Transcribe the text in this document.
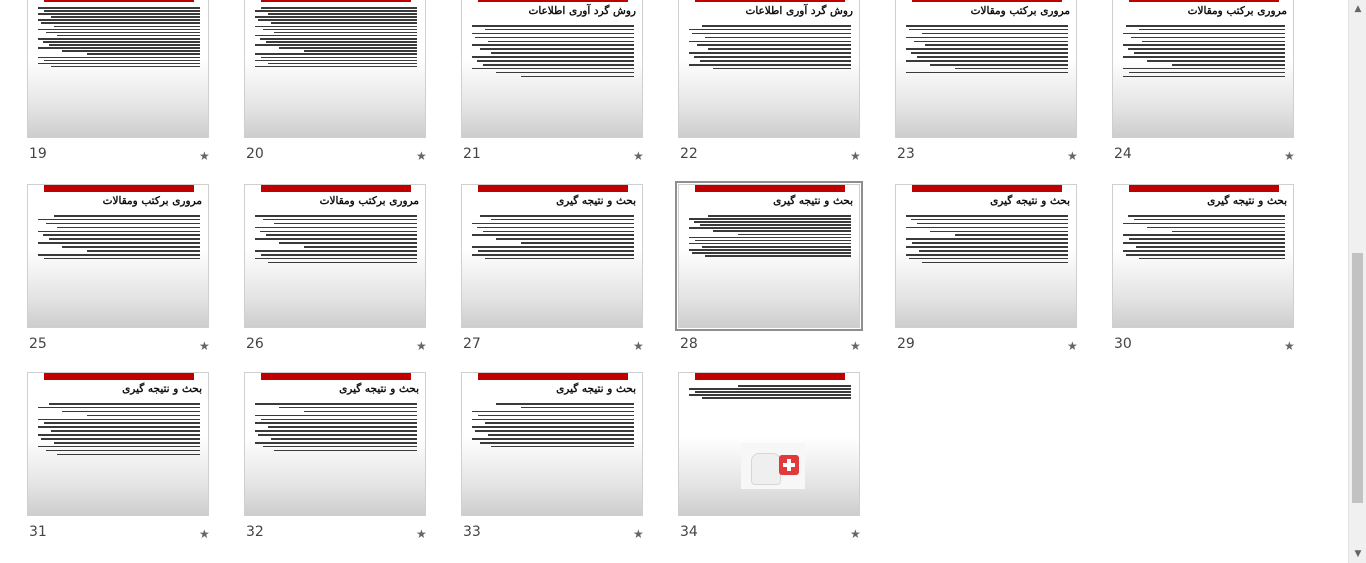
19	★	20	★
روش گرد آوری اطلاعات
21	★
روش گرد آوری اطلاعات
22	★
مروری برکتب ومقالات
23	★
مروری برکتب ومقالات
24	★
مروری برکتب ومقالات
25	★
مروری برکتب ومقالات
26	★
بحث و نتیجه گیری
27	★
بحث و نتیجه گیری
28	★
بحث و نتیجه گیری
29	★
بحث و نتیجه گیری
30	★
بحث و نتیجه گیری
31	★
بحث و نتیجه گیری
32	★
بحث و نتیجه گیری
33	★	34	★
▲
▼
